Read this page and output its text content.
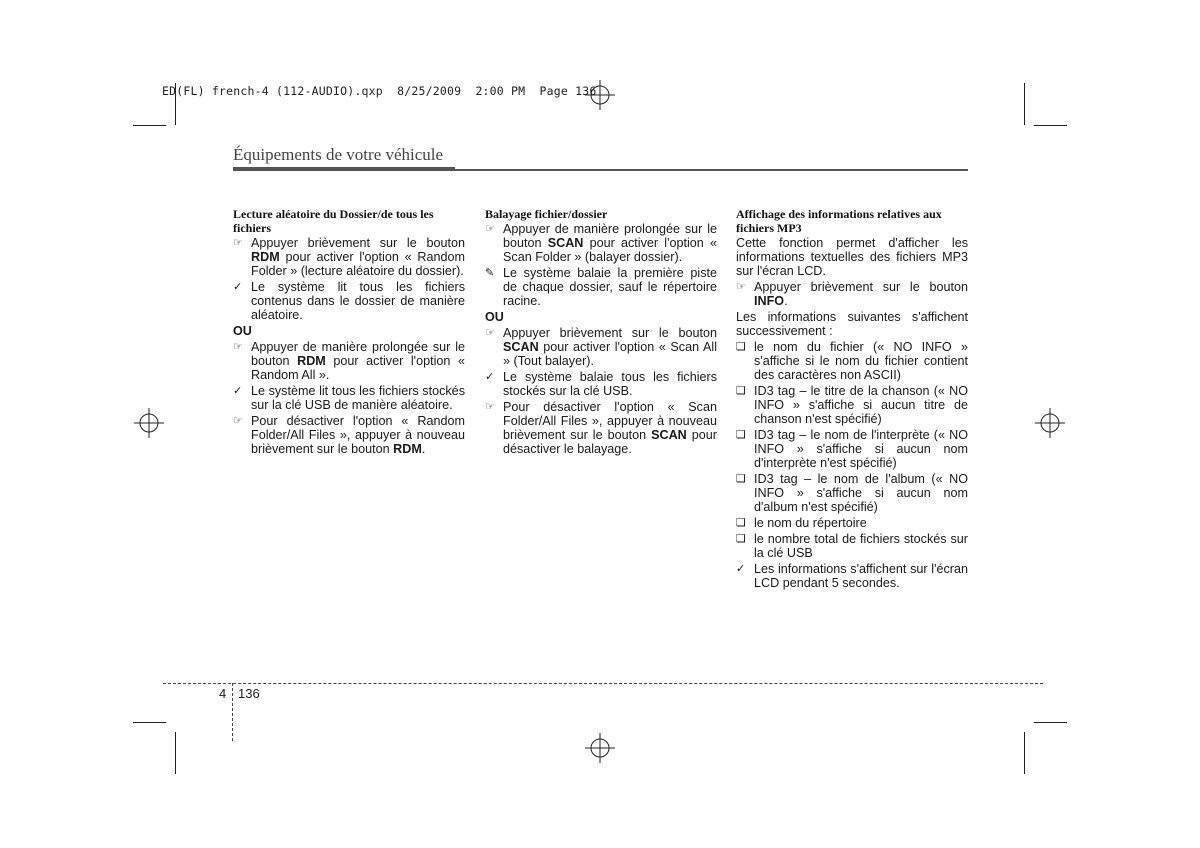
ED(FL) french-4 (112-AUDIO).qxp  8/25/2009  2:00 PM  Page 136
Équipements de votre véhicule
Lecture aléatoire du Dossier/de tous les fichiers
☞ Appuyer brièvement sur le bouton RDM pour activer l'option « Random Folder » (lecture aléatoire du dossier).
✓ Le système lit tous les fichiers contenus dans le dossier de manière aléatoire.
OU
☞ Appuyer de manière prolongée sur le bouton RDM pour activer l'option « Random All ».
✓ Le système lit tous les fichiers stockés sur la clé USB de manière aléatoire.
☞ Pour désactiver l'option « Random Folder/All Files », appuyer à nouveau brièvement sur le bouton RDM.
Balayage fichier/dossier
☞ Appuyer de manière prolongée sur le bouton SCAN pour activer l'option « Scan Folder » (balayer dossier).
✎ Le système balaie la première piste de chaque dossier, sauf le répertoire racine.
OU
☞ Appuyer brièvement sur le bouton SCAN pour activer l'option « Scan All » (Tout balayer).
✓ Le système balaie tous les fichiers stockés sur la clé USB.
☞ Pour désactiver l'option « Scan Folder/All Files », appuyer à nouveau brièvement sur le bouton SCAN pour désactiver le balayage.
Affichage des informations relatives aux fichiers MP3
Cette fonction permet d'afficher les informations textuelles des fichiers MP3 sur l'écran LCD.
☞ Appuyer brièvement sur le bouton INFO.
Les informations suivantes s'affichent successivement :
❑ le nom du fichier (« NO INFO » s'affiche si le nom du fichier contient des caractères non ASCII)
❑ ID3 tag – le titre de la chanson (« NO INFO » s'affiche si aucun titre de chanson n'est spécifié)
❑ ID3 tag – le nom de l'interprète (« NO INFO » s'affiche si aucun nom d'interprète n'est spécifié)
❑ ID3 tag – le nom de l'album (« NO INFO » s'affiche si aucun nom d'album n'est spécifié)
❑ le nom du répertoire
❑ le nombre total de fichiers stockés sur la clé USB
✓ Les informations s'affichent sur l'écran LCD pendant 5 secondes.
4 136
